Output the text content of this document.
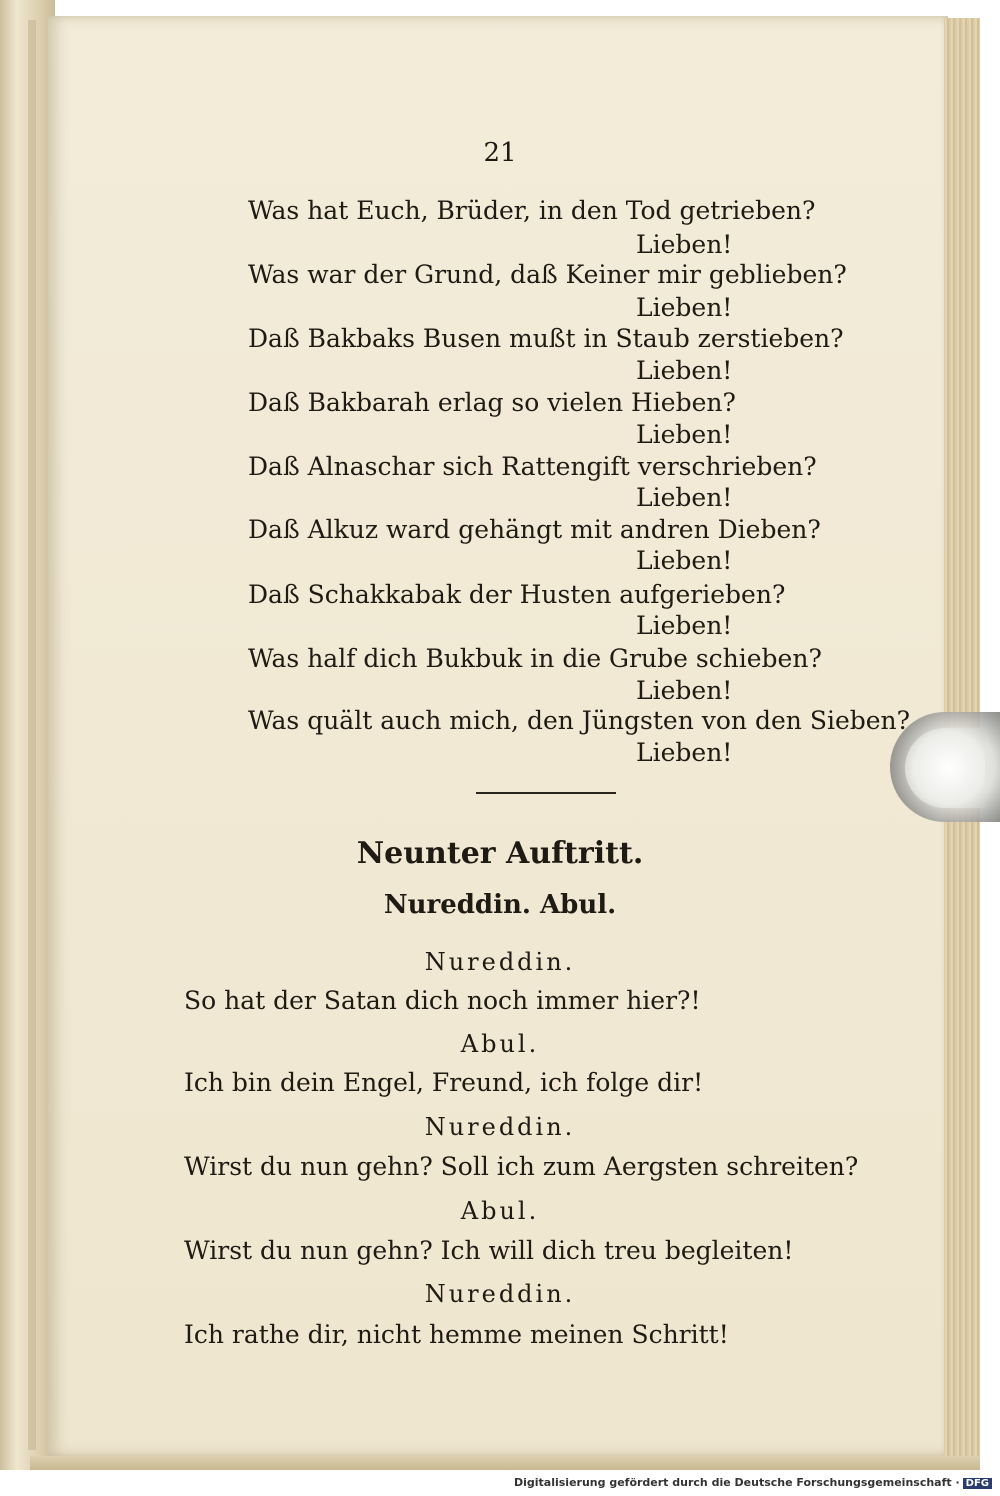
21
Was hat Euch, Brüder, in den Tod getrieben?
Lieben!
Was war der Grund, daß Keiner mir geblieben?
Lieben!
Daß Bakbaks Busen mußt in Staub zerstieben?
Lieben!
Daß Bakbarah erlag so vielen Hieben?
Lieben!
Daß Alnaschar sich Rattengift verschrieben?
Lieben!
Daß Alkuz ward gehängt mit andren Dieben?
Lieben!
Daß Schakkabak der Husten aufgerieben?
Lieben!
Was half dich Bukbuk in die Grube schieben?
Lieben!
Was quält auch mich, den Jüngsten von den Sieben?
Lieben!
Neunter Auftritt.
Nureddin. Abul.
Nureddin.
So hat der Satan dich noch immer hier?!
Abul.
Ich bin dein Engel, Freund, ich folge dir!
Nureddin.
Wirst du nun gehn? Soll ich zum Aergsten schreiten?
Abul.
Wirst du nun gehn? Ich will dich treu begleiten!
Nureddin.
Ich rathe dir, nicht hemme meinen Schritt!
Digitalisierung gefördert durch die Deutsche Forschungsgemeinschaft · DFG
